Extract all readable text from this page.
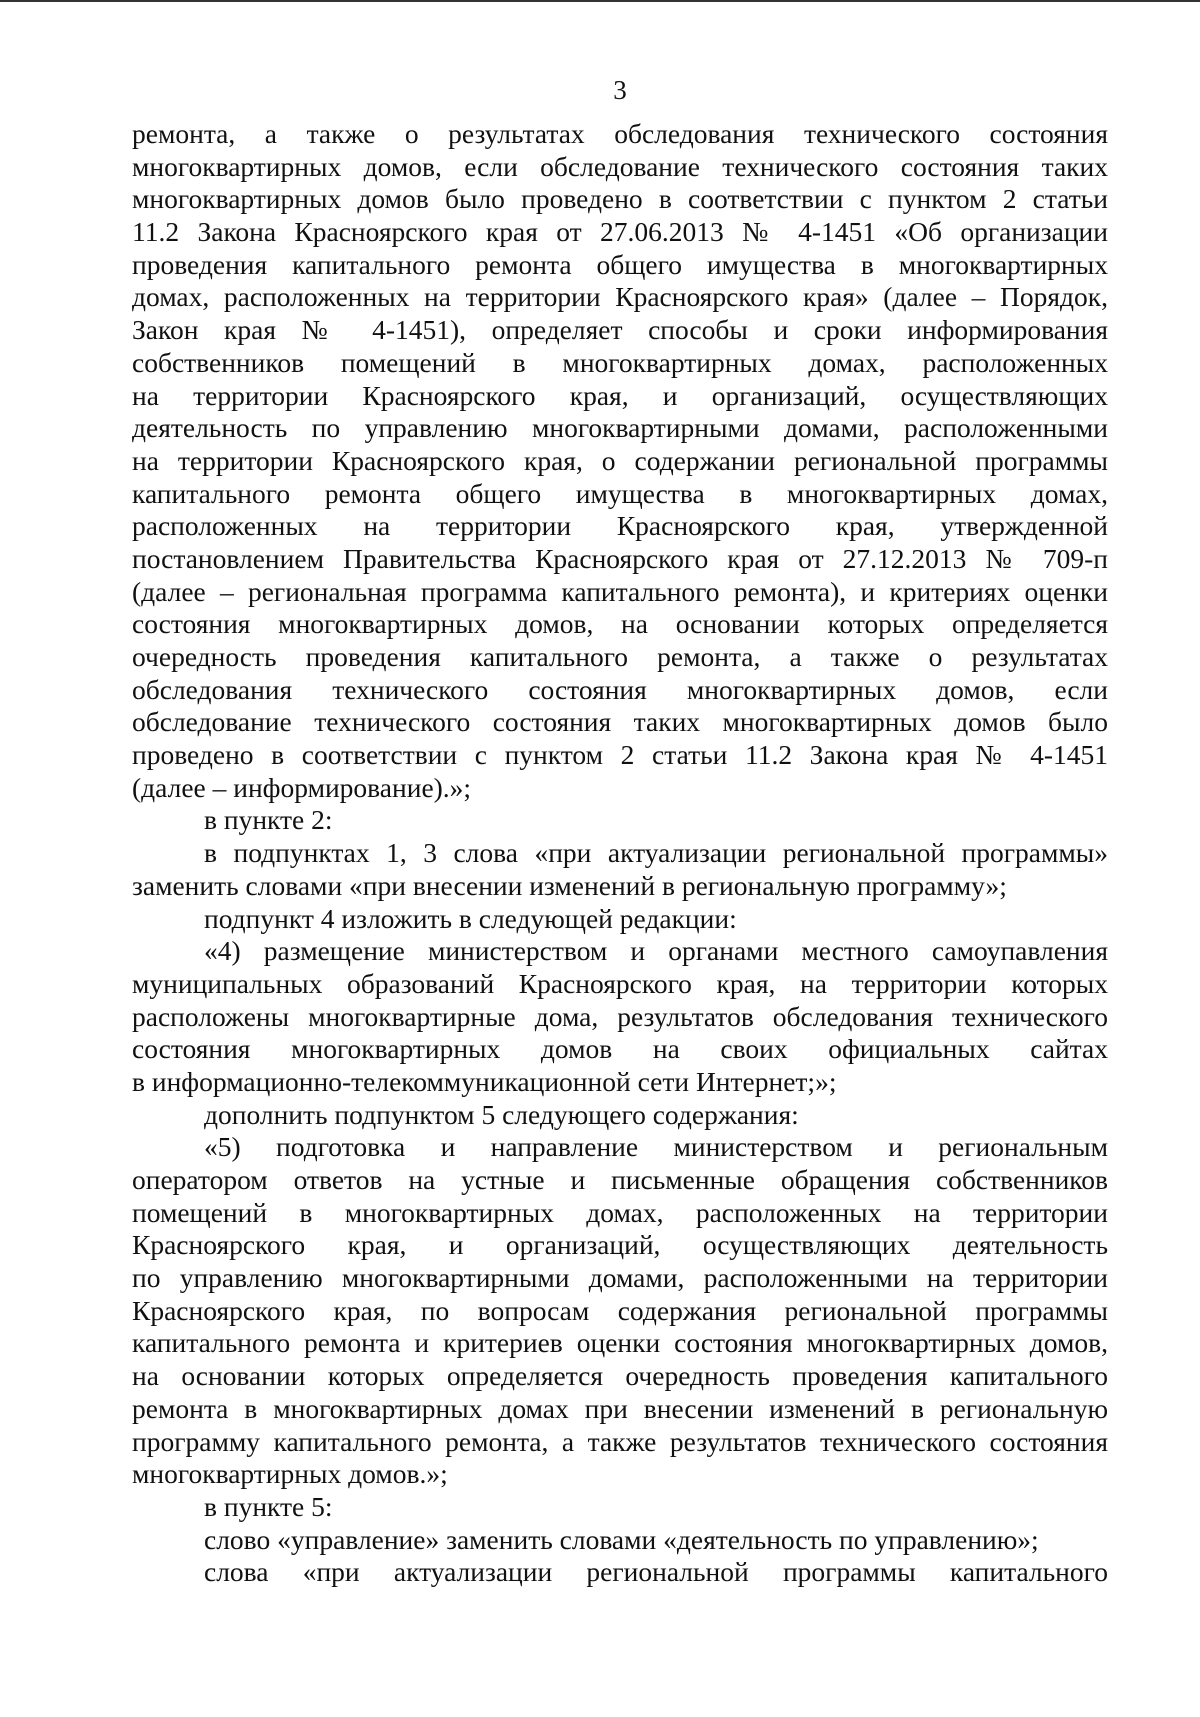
3
ремонта, а также о результатах обследования технического состояния
многоквартирных домов, если обследование технического состояния таких
многоквартирных домов было проведено в соответствии с пунктом 2 статьи
11.2 Закона Красноярского края от 27.06.2013 № 4-1451 «Об организации
проведения капитального ремонта общего имущества в многоквартирных
домах, расположенных на территории Красноярского края» (далее – Порядок,
Закон края № 4-1451), определяет способы и сроки информирования
собственников помещений в многоквартирных домах, расположенных
на территории Красноярского края, и организаций, осуществляющих
деятельность по управлению многоквартирными домами, расположенными
на территории Красноярского края, о содержании региональной программы
капитального ремонта общего имущества в многоквартирных домах,
расположенных на территории Красноярского края, утвержденной
постановлением Правительства Красноярского края от 27.12.2013 № 709-п
(далее – региональная программа капитального ремонта), и критериях оценки
состояния многоквартирных домов, на основании которых определяется
очередность проведения капитального ремонта, а также о результатах
обследования технического состояния многоквартирных домов, если
обследование технического состояния таких многоквартирных домов было
проведено в соответствии с пунктом 2 статьи 11.2 Закона края № 4-1451
(далее – информирование).»;
в пункте 2:
в подпунктах 1, 3 слова «при актуализации региональной программы»
заменить словами «при внесении изменений в региональную программу»;
подпункт 4 изложить в следующей редакции:
«4) размещение министерством и органами местного самоупавления
муниципальных образований Красноярского края, на территории которых
расположены многоквартирные дома, результатов обследования технического
состояния многоквартирных домов на своих официальных сайтах
в информационно-телекоммуникационной сети Интернет;»;
дополнить подпунктом 5 следующего содержания:
«5) подготовка и направление министерством и региональным
оператором ответов на устные и письменные обращения собственников
помещений в многоквартирных домах, расположенных на территории
Красноярского края, и организаций, осуществляющих деятельность
по управлению многоквартирными домами, расположенными на территории
Красноярского края, по вопросам содержания региональной программы
капитального ремонта и критериев оценки состояния многоквартирных домов,
на основании которых определяется очередность проведения капитального
ремонта в многоквартирных домах при внесении изменений в региональную
программу капитального ремонта, а также результатов технического состояния
многоквартирных домов.»;
в пункте 5:
слово «управление» заменить словами «деятельность по управлению»;
слова «при актуализации региональной программы капитального
